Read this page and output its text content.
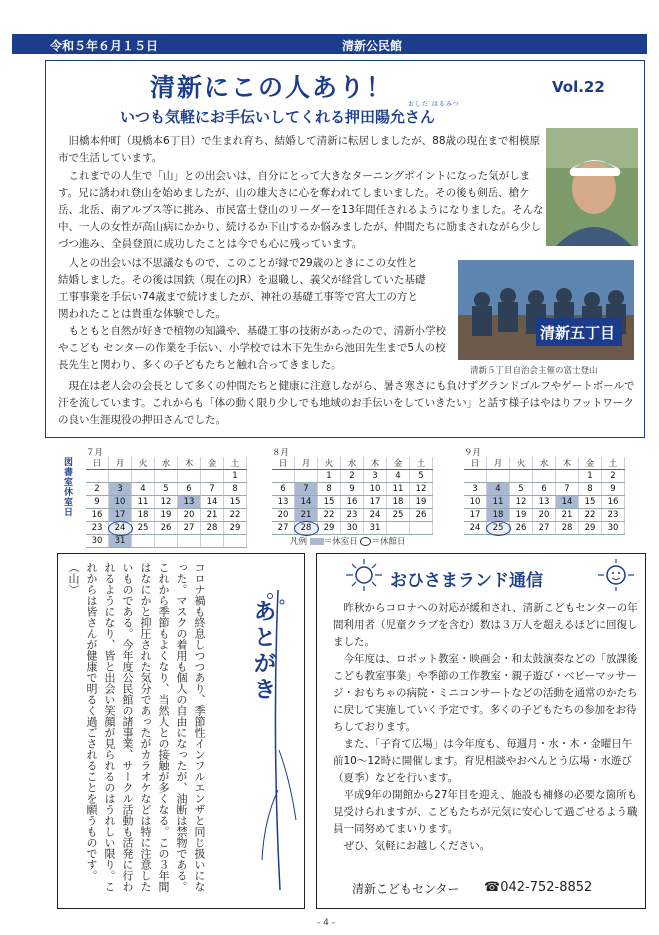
令和５年６月１５日	清新公民館
清新にこの人あり！	Vol.22
おしだ はるみつ
いつも気軽にお手伝いしてくれる押田陽允さん

旧橋本仲町（現橋本6丁目）で生まれ育ち、結婚して清新に転居しましたが、88歳の現在まで相模原市で生活しています。

これまでの人生で「山」との出会いは、自分にとって大きなターニングポイントになった気がします。兄に誘われ登山を始めましたが、山の雄大さに心を奪われてしまいました。その後も剣岳、槍ケ岳、北岳、南アルプス等に挑み、市民富士登山のリーダーを13年間任されるようになりました。そんな中、一人の女性が高山病にかかり、続けるか下山するか悩みましたが、仲間たちに励まされながら少しづつ進み、全員登頂に成功したことは今でも心に残っています。

人との出会いは不思議なもので、このことが縁で29歳のときにこの女性と結婚しました。その後は国鉄（現在のJR）を退職し、義父が経営していた基礎工事事業を手伝い74歳まで続けましたが、神社の基礎工事等で宮大工の方と関われたことは貴重な体験でした。

もともと自然が好きで植物の知識や、基礎工事の技術があったので、清新小学校やこども センターの作業を手伝い、小学校では木下先生から池田先生まで5人の校長先生と関わり、多くの子どもたちと触れ合ってきました。

現在は老人会の会長として多くの仲間たちと健康に注意しながら、暑さ寒さにも負けずグランドゴルフやゲートボールで汗を流しています。これからも「体の動く限り少しでも地域のお手伝いをしていきたい」と話す様子はやはりフットワークの良い生涯現役の押田さんでした。

清新五丁目
清新５丁目自治会主催の富士登山
図書室休室日
７月	８月	９月
日	月	火	水	木	金	土
						1
2	3	4	5	6	7	8
9	10	11	12	13	14	15
16	17	18	19	20	21	22
23	24	25	26	27	28	29
30	31					
日	月	火	水	木	金	土
		1	2	3	4	5
6	7	8	9	10	11	12
13	14	15	16	17	18	19
20	21	22	23	24	25	26
27	28	29	30	31		
日	月	火	水	木	金	土
					1	2
3	4	5	6	7	8	9
10	11	12	13	14	15	16
17	18	19	20	21	22	23
24	25	26	27	28	29	30
凡例 ＝休室日 ＝休館日
コロナ禍も終息しつつあり、季節性インフルエンザと同じ扱いになった。マスクの着用も個人の自由になったが、油断は禁物である。これから季節もよくなり、当然人との接触が多くなる。この３年間はなにかと抑圧された気分であったがカラオケなどは特に注意したいものである。今年度公民館の諸事業、サークル活動も活発に行われるようになり、皆と出会い笑顔が見られるのはうれしい限り。これからは皆さんが健康で明るく過ごされることを願うものです。（山）
あとがき
おひさまランド通信

昨秋からコロナへの対応が緩和され、清新こどもセンターの年間利用者（児童クラブを含む）数は３万人を超えるほどに回復しました。

今年度は、ロボット教室・映画会・和太鼓演奏などの「放課後こども教室事業」や季節の工作教室・親子遊び・ベビーマッサージ・おもちゃの病院・ミニコンサートなどの活動を通常のかたちに戻して実施していく予定です。多くの子どもたちの参加をお待ちしております。

また、「子育て広場」は今年度も、毎週月・水・木・金曜日午前10～12時に開催します。育児相談やおべんとう広場・水遊び（夏季）などを行います。

平成9年の開館から27年目を迎え、施設も補修の必要な箇所も見受けられますが、こどもたちが元気に安心して過ごせるよう職員一同努めてまいります。

ぜひ、気軽にお越しください。

清新こどもセンター ☎042-752-8852
- 4 -
